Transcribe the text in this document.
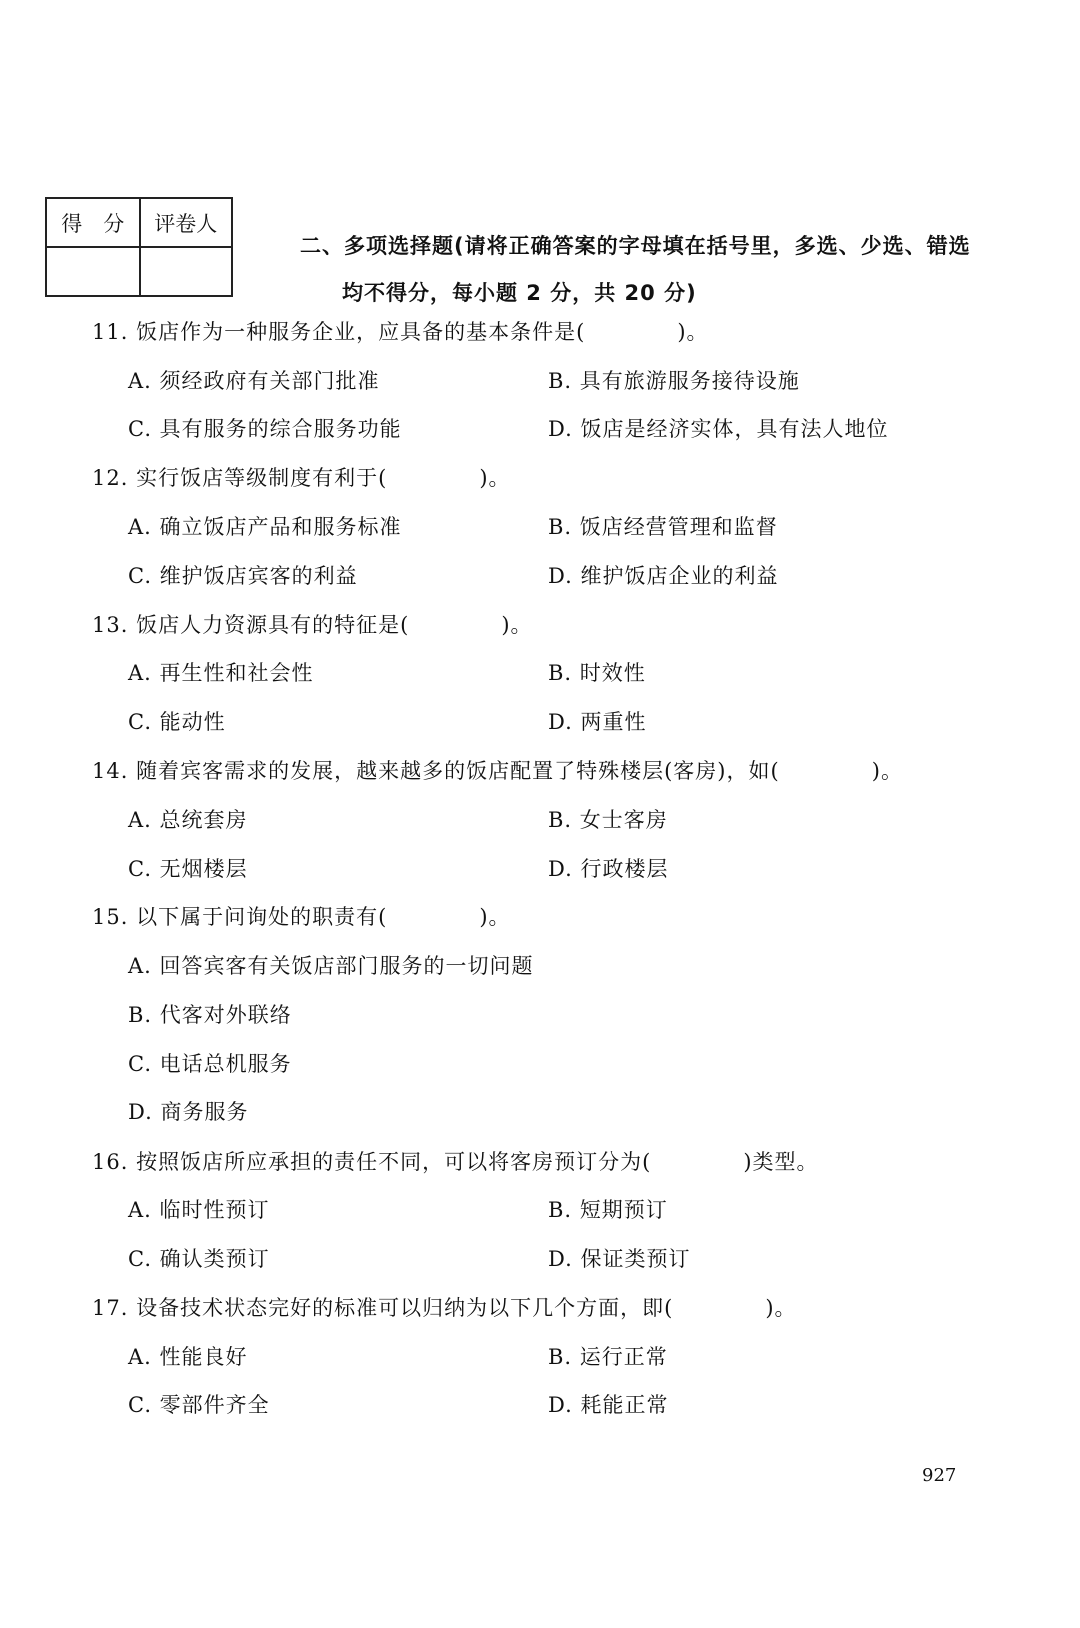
得　分	评卷人

二、多项选择题(请将正确答案的字母填在括号里，多选、少选、错选
均不得分，每小题 2 分，共 20 分)
11. 饭店作为一种服务企业，应具备的基本条件是(            )。
A. 须经政府有关部门批准	B. 具有旅游服务接待设施
C. 具有服务的综合服务功能	D. 饭店是经济实体，具有法人地位
12. 实行饭店等级制度有利于(            )。
A. 确立饭店产品和服务标准	B. 饭店经营管理和监督
C. 维护饭店宾客的利益	D. 维护饭店企业的利益
13. 饭店人力资源具有的特征是(            )。
A. 再生性和社会性	B. 时效性
C. 能动性	D. 两重性
14. 随着宾客需求的发展，越来越多的饭店配置了特殊楼层(客房)，如(            )。
A. 总统套房	B. 女士客房
C. 无烟楼层	D. 行政楼层
15. 以下属于问询处的职责有(            )。
A. 回答宾客有关饭店部门服务的一切问题
B. 代客对外联络
C. 电话总机服务
D. 商务服务
16. 按照饭店所应承担的责任不同，可以将客房预订分为(            )类型。
A. 临时性预订	B. 短期预订
C. 确认类预订	D. 保证类预订
17. 设备技术状态完好的标准可以归纳为以下几个方面，即(            )。
A. 性能良好	B. 运行正常
C. 零部件齐全	D. 耗能正常
927
